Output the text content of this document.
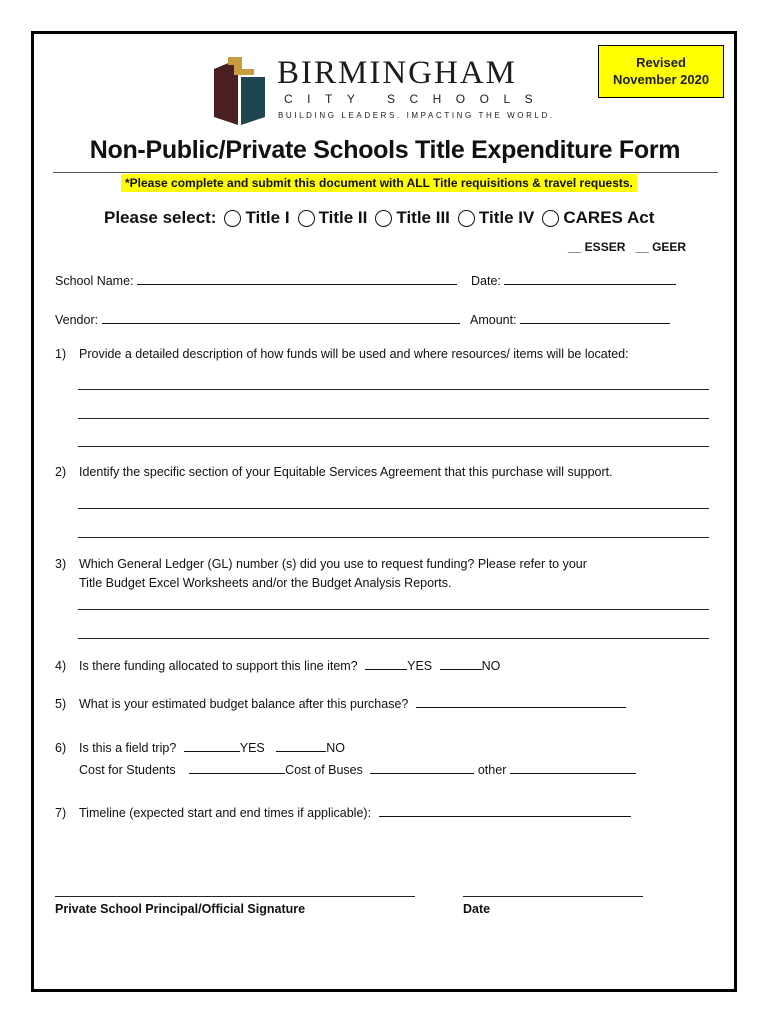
Revised
November 2020
BIRMINGHAM
CITY SCHOOLS
BUILDING LEADERS. IMPACTING THE WORLD.
Non-Public/Private Schools Title Expenditure Form
*Please complete and submit this document with ALL Title requisitions & travel requests.
Please select: Title I Title II Title III Title IV CARES Act
__ ESSER __ GEER
School Name:	Date:
Vendor:	Amount:
1) Provide a detailed description of how funds will be used and where resources/ items will be located:
2) Identify the specific section of your Equitable Services Agreement that this purchase will support.
3) Which General Ledger (GL) number (s) did you use to request funding? Please refer to your
Title Budget Excel Worksheets and/or the Budget Analysis Reports.
4) Is there funding allocated to support this line item?	YES	NO
5) What is your estimated budget balance after this purchase?
6) Is this a field trip?	YES	NO
Cost for Students	Cost of Buses	other
7) Timeline (expected start and end times if applicable):
Private School Principal/Official Signature	Date
